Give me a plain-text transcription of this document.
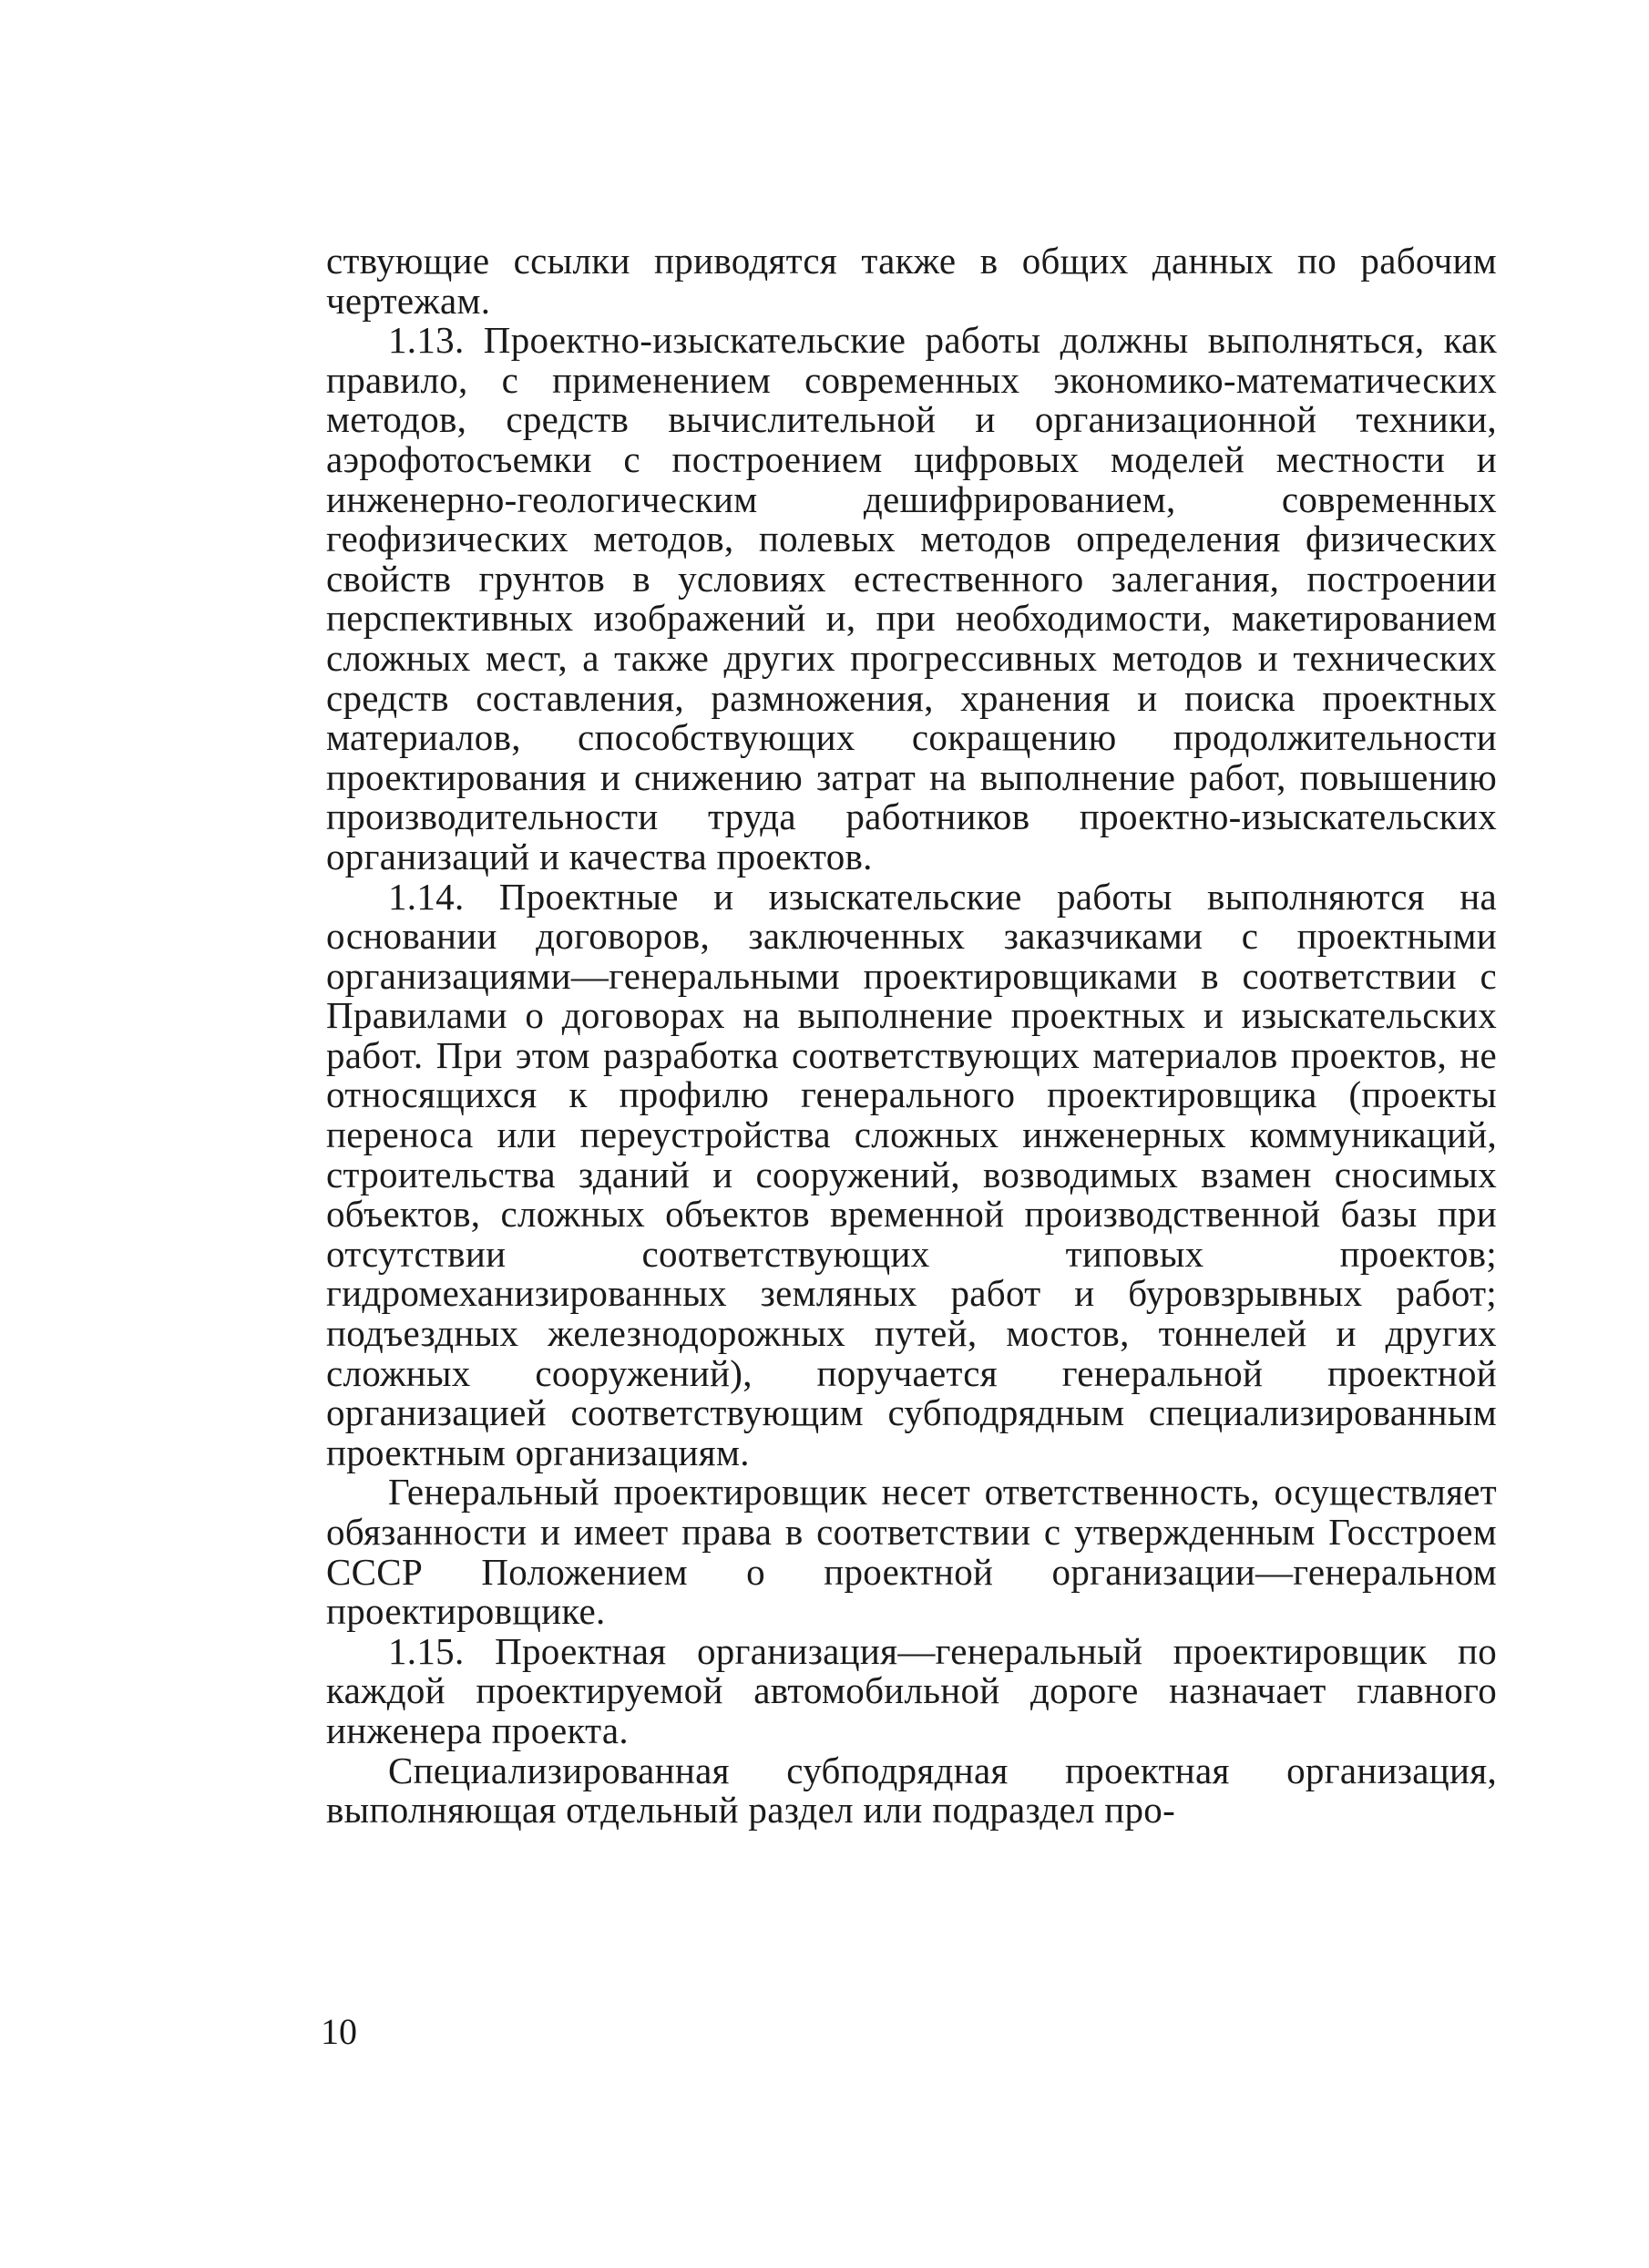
ствующие ссылки приводятся также в общих данных по рабочим чертежам.

1.13. Проектно-изыскательские работы должны выполняться, как правило, с применением современных экономико-математических методов, средств вычислительной и организационной техники, аэрофотосъемки с построением цифровых моделей местности и инженерно-геологическим дешифрированием, современных геофизических методов, полевых методов определения физических свойств грунтов в условиях естественного залегания, построении перспективных изображений и, при необходимости, макетированием сложных мест, а также других прогрессивных методов и технических средств составления, размножения, хранения и поиска проектных материалов, способствующих сокращению продолжительности проектирования и снижению затрат на выполнение работ, повышению производительности труда работников проектно-изыскательских организаций и качества проектов.

1.14. Проектные и изыскательские работы выполняются на основании договоров, заключенных заказчиками с проектными организациями—генеральными проектировщиками в соответствии с Правилами о договорах на выполнение проектных и изыскательских работ. При этом разработка соответствующих материалов проектов, не относящихся к профилю генерального проектировщика (проекты переноса или переустройства сложных инженерных коммуникаций, строительства зданий и сооружений, возводимых взамен сносимых объектов, сложных объектов временной производственной базы при отсутствии соответствующих типовых проектов; гидромеханизированных земляных работ и буровзрывных работ; подъездных железнодорожных путей, мостов, тоннелей и других сложных сооружений), поручается генеральной проектной организацией соответствующим субподрядным специализированным проектным организациям.

Генеральный проектировщик несет ответственность, осуществляет обязанности и имеет права в соответствии с утвержденным Госстроем СССР Положением о проектной организации—генеральном проектировщике.

1.15. Проектная организация—генеральный проектировщик по каждой проектируемой автомобильной дороге назначает главного инженера проекта.

Специализированная субподрядная проектная организация, выполняющая отдельный раздел или подраздел про-

10
